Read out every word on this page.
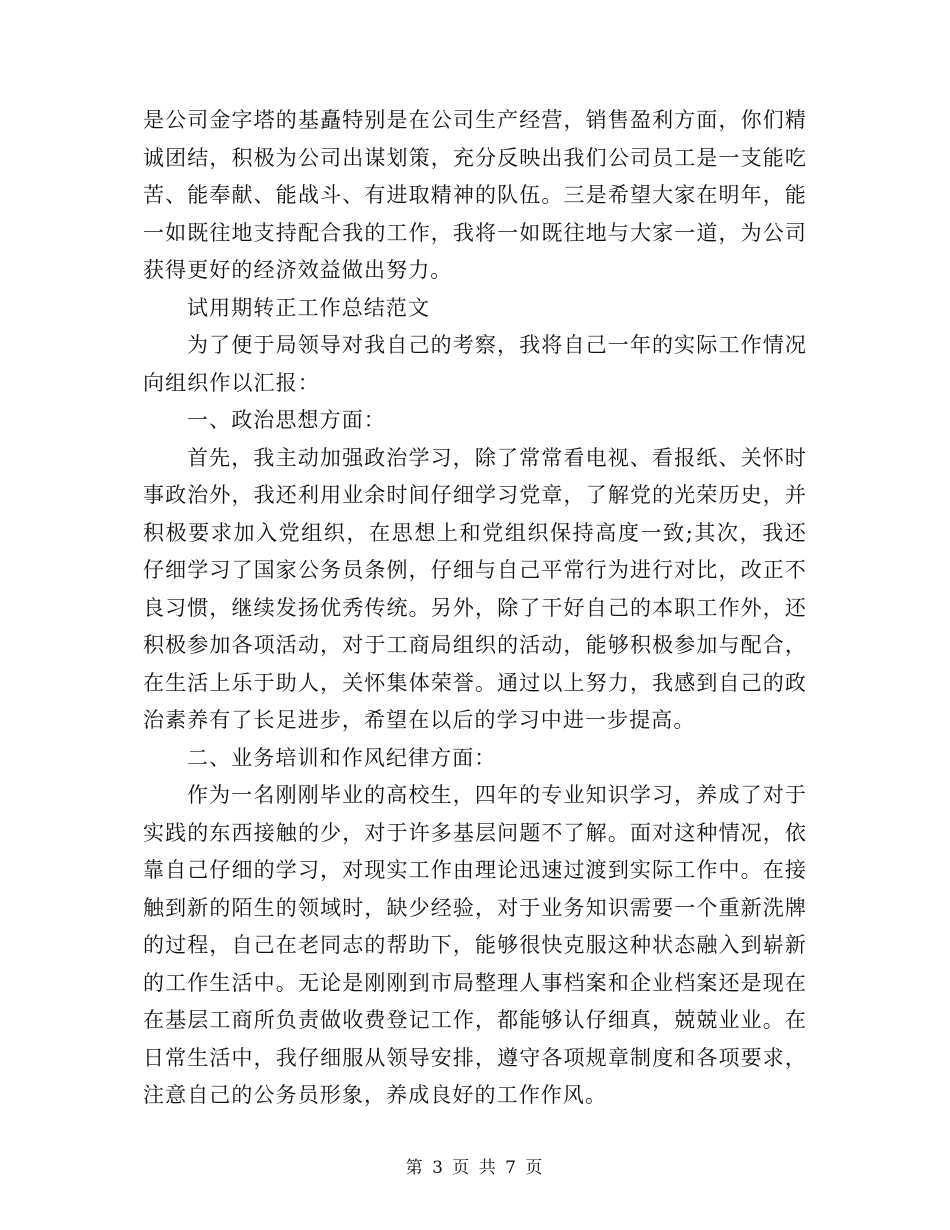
是公司金字塔的基矗特别是在公司生产经营，销售盈利方面，你们精诚团结，积极为公司出谋划策，充分反映出我们公司员工是一支能吃苦、能奉献、能战斗、有进取精神的队伍。三是希望大家在明年，能一如既往地支持配合我的工作，我将一如既往地与大家一道，为公司获得更好的经济效益做出努力。

试用期转正工作总结范文

为了便于局领导对我自己的考察，我将自己一年的实际工作情况向组织作以汇报：

一、政治思想方面：

首先，我主动加强政治学习，除了常常看电视、看报纸、关怀时事政治外，我还利用业余时间仔细学习党章，了解党的光荣历史，并积极要求加入党组织，在思想上和党组织保持高度一致;其次，我还仔细学习了国家公务员条例，仔细与自己平常行为进行对比，改正不良习惯，继续发扬优秀传统。另外，除了干好自己的本职工作外，还积极参加各项活动，对于工商局组织的活动，能够积极参加与配合，在生活上乐于助人，关怀集体荣誉。通过以上努力，我感到自己的政治素养有了长足进步，希望在以后的学习中进一步提高。

二、业务培训和作风纪律方面：

作为一名刚刚毕业的高校生，四年的专业知识学习，养成了对于实践的东西接触的少，对于许多基层问题不了解。面对这种情况，依靠自己仔细的学习，对现实工作由理论迅速过渡到实际工作中。在接触到新的陌生的领域时，缺少经验，对于业务知识需要一个重新洗牌的过程，自己在老同志的帮助下，能够很快克服这种状态融入到崭新的工作生活中。无论是刚刚到市局整理人事档案和企业档案还是现在在基层工商所负责做收费登记工作，都能够认仔细真，兢兢业业。在日常生活中，我仔细服从领导安排，遵守各项规章制度和各项要求，注意自己的公务员形象，养成良好的工作作风。

第 3 页 共 7 页
